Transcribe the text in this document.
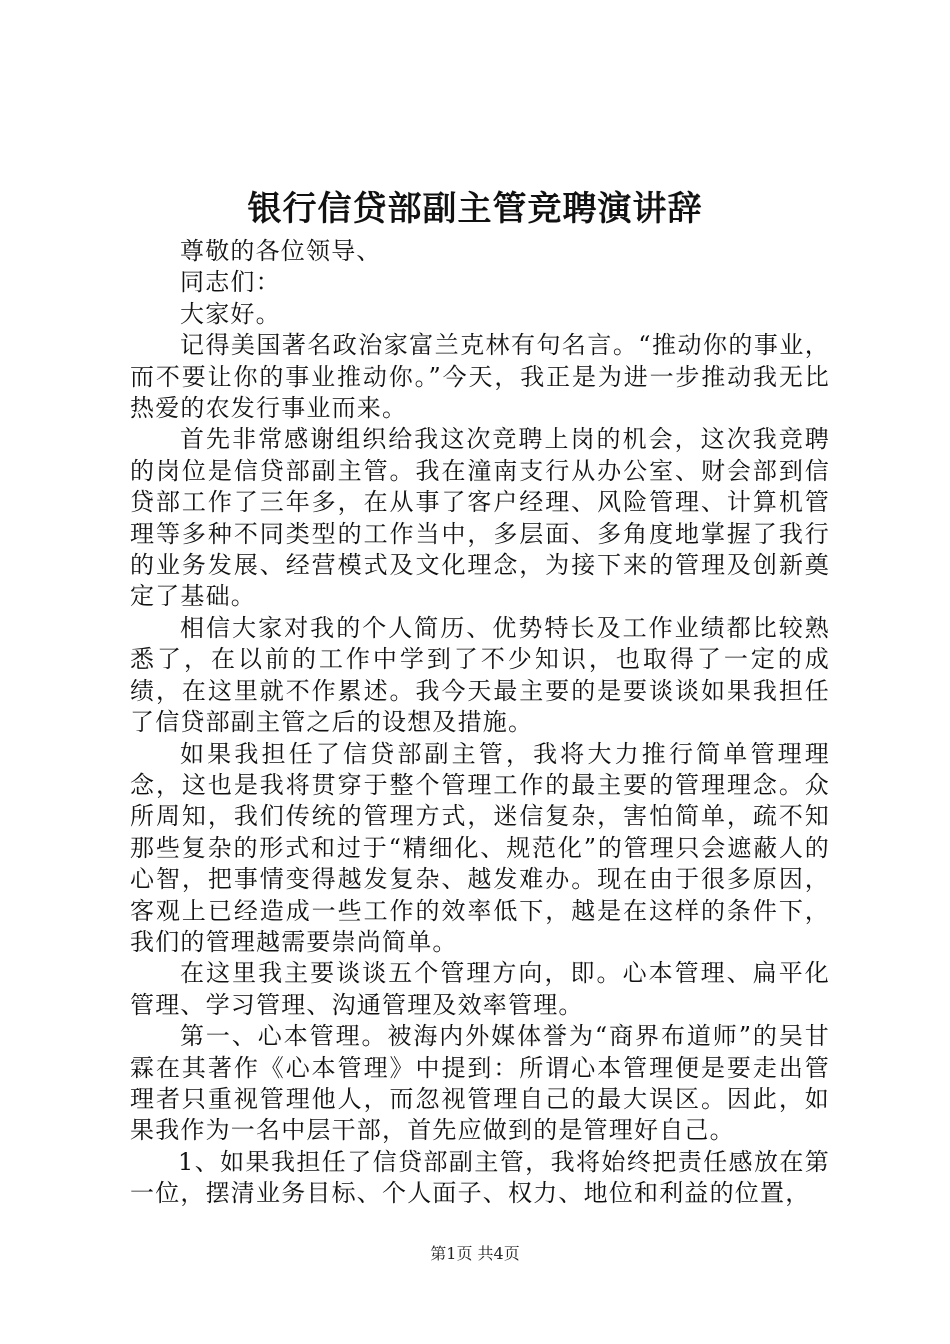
银行信贷部副主管竞聘演讲辞

尊敬的各位领导、

同志们：

大家好。

记得美国著名政治家富兰克林有句名言。“推动你的事业，而不要让你的事业推动你。”今天，我正是为进一步推动我无比热爱的农发行事业而来。

首先非常感谢组织给我这次竞聘上岗的机会，这次我竞聘的岗位是信贷部副主管。我在潼南支行从办公室、财会部到信贷部工作了三年多，在从事了客户经理、风险管理、计算机管理等多种不同类型的工作当中，多层面、多角度地掌握了我行的业务发展、经营模式及文化理念，为接下来的管理及创新奠定了基础。

相信大家对我的个人简历、优势特长及工作业绩都比较熟悉了，在以前的工作中学到了不少知识，也取得了一定的成绩，在这里就不作累述。我今天最主要的是要谈谈如果我担任了信贷部副主管之后的设想及措施。

如果我担任了信贷部副主管，我将大力推行简单管理理念，这也是我将贯穿于整个管理工作的最主要的管理理念。众所周知，我们传统的管理方式，迷信复杂，害怕简单，疏不知那些复杂的形式和过于“精细化、规范化”的管理只会遮蔽人的心智，把事情变得越发复杂、越发难办。现在由于很多原因，客观上已经造成一些工作的效率低下，越是在这样的条件下，我们的管理越需要崇尚简单。

在这里我主要谈谈五个管理方向，即。心本管理、扁平化管理、学习管理、沟通管理及效率管理。

第一、心本管理。被海内外媒体誉为“商界布道师”的吴甘霖在其著作《心本管理》中提到：所谓心本管理便是要走出管理者只重视管理他人，而忽视管理自己的最大误区。因此，如果我作为一名中层干部，首先应做到的是管理好自己。

1、如果我担任了信贷部副主管，我将始终把责任感放在第一位，摆清业务目标、个人面子、权力、地位和利益的位置，

第1页 共4页
